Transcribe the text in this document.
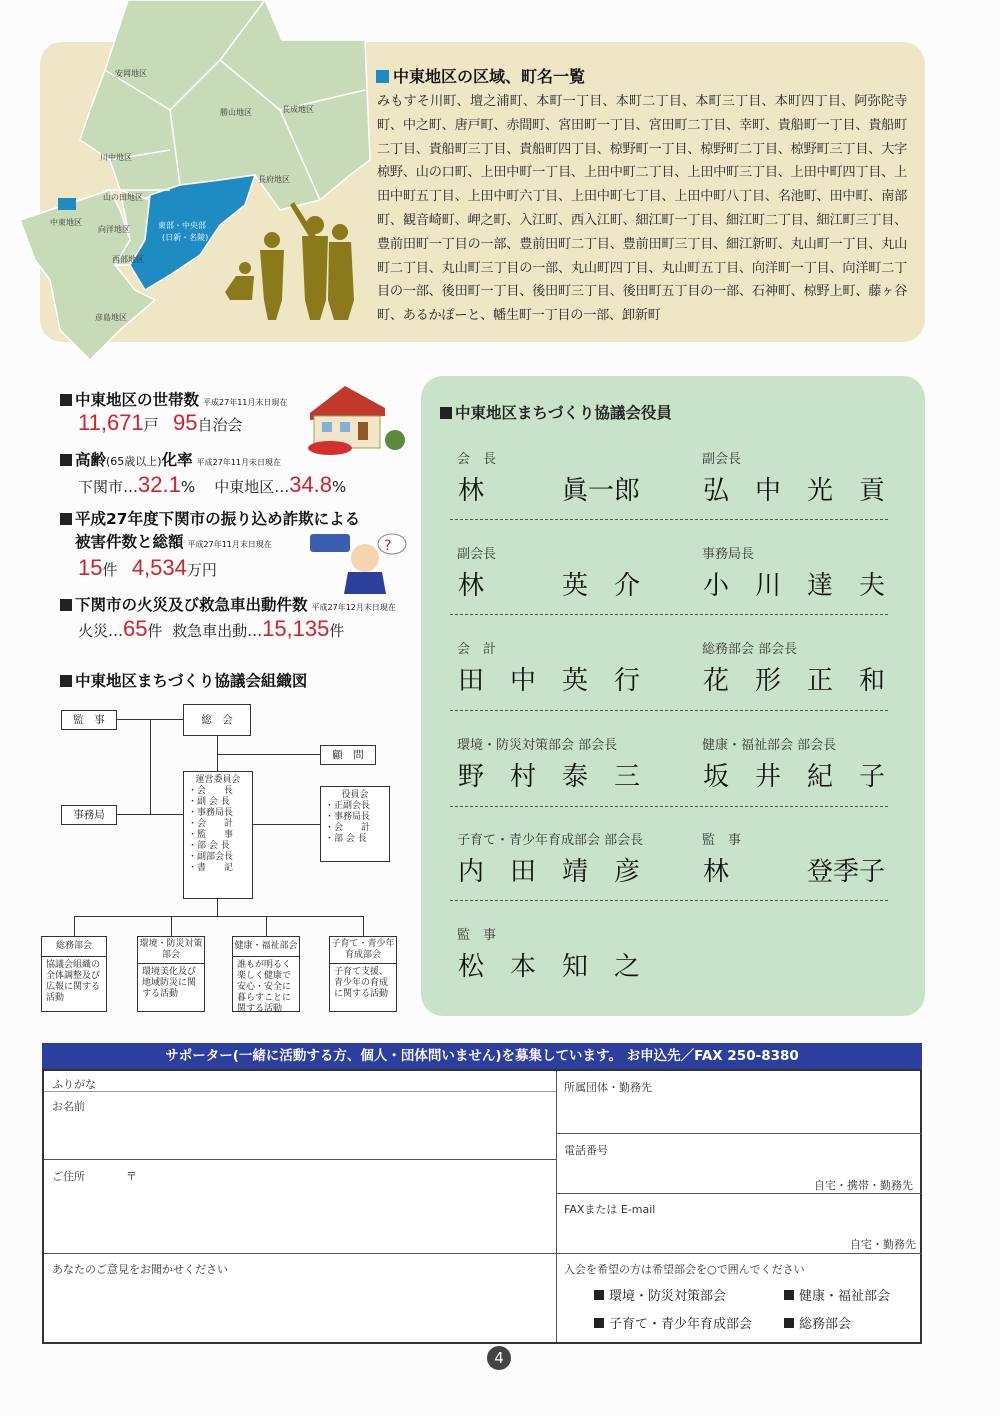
安岡地区
勝山地区	長成地区
川中地区
長府地区
山の田地区
向洋地区	東部・中央部
(日新・名陵)
西部地区
彦島地区
中東地区
中東地区の区域、町名一覧
みもすそ川町、壇之浦町、本町一丁目、本町二丁目、本町三丁目、本町四丁目、阿弥陀寺町、中之町、唐戸町、赤間町、宮田町一丁目、宮田町二丁目、幸町、貴船町一丁目、貴船町二丁目、貴船町三丁目、貴船町四丁目、椋野町一丁目、椋野町二丁目、椋野町三丁目、大字椋野、山の口町、上田中町一丁目、上田中町二丁目、上田中町三丁目、上田中町四丁目、上田中町五丁目、上田中町六丁目、上田中町七丁目、上田中町八丁目、名池町、田中町、南部町、観音崎町、岬之町、入江町、西入江町、細江町一丁目、細江町二丁目、細江町三丁目、豊前田町一丁目の一部、豊前田町二丁目、豊前田町三丁目、細江新町、丸山町一丁目、丸山町二丁目、丸山町三丁目の一部、丸山町四丁目、丸山町五丁目、向洋町一丁目、向洋町二丁目の一部、後田町一丁目、後田町三丁目、後田町五丁目の一部、石神町、椋野上町、藤ヶ谷町、あるかぽーと、幡生町一丁目の一部、卸新町
中東地区の世帯数 平成27年11月末日現在
11,671戸 95自治会
高齢(65歳以上)化率 平成27年11月末日現在
下関市…32.1% 中東地区…34.8%
平成27年度下関市の振り込め詐欺による
被害件数と総額 平成27年11月末日現在
15件 4,534万円
?
下関市の火災及び救急車出動件数 平成27年12月末日現在
火災…65件 救急車出動…15,135件
中東地区まちづくり協議会組織図
監　事	総　会
顧　問
事務局
運営委員会
・会　　長
・副 会 長
・事務局長
・会　　計
・監　　事
・部 会 長
・副部会長
・書　　記
役員会
・正副会長
・事務局長
・会　　計
・部 会 長
総務部会
協議会組織の全体調整及び広報に関する活動
環境・防災対策部会
環境美化及び地域防災に関する活動
健康・福祉部会
誰もが明るく楽しく健康で安心・安全に暮らすことに関する活動
子育て・青少年育成部会
子育て支援、青少年の育成に関する活動
中東地区まちづくり協議会役員
会　長
林　　　眞一郎
副会長
弘　中　光　貢
副会長
林　　　英　介
事務局長
小　川　達　夫
会　計
田　中　英　行
総務部会 部会長
花　形　正　和
環境・防災対策部会 部会長
野　村　泰　三
健康・福祉部会 部会長
坂　井　紀　子
子育て・青少年育成部会 部会長
内　田　靖　彦
監　事
林　　　登季子
監　事
松　本　知　之
サポーター(一緒に活動する方、個人・団体問いません)を募集しています。 お申込先／FAX 250-8380
ふりがな
お名前
ご住所	〒
所属団体・勤務先
電話番号
自宅・携帯・勤務先
FAXまたは E-mail
自宅・勤務先
あなたのご意見をお聞かせください	入会を希望の方は希望部会を○で囲んでください
環境・防災対策部会	健康・福祉部会
子育て・青少年育成部会	総務部会
4
